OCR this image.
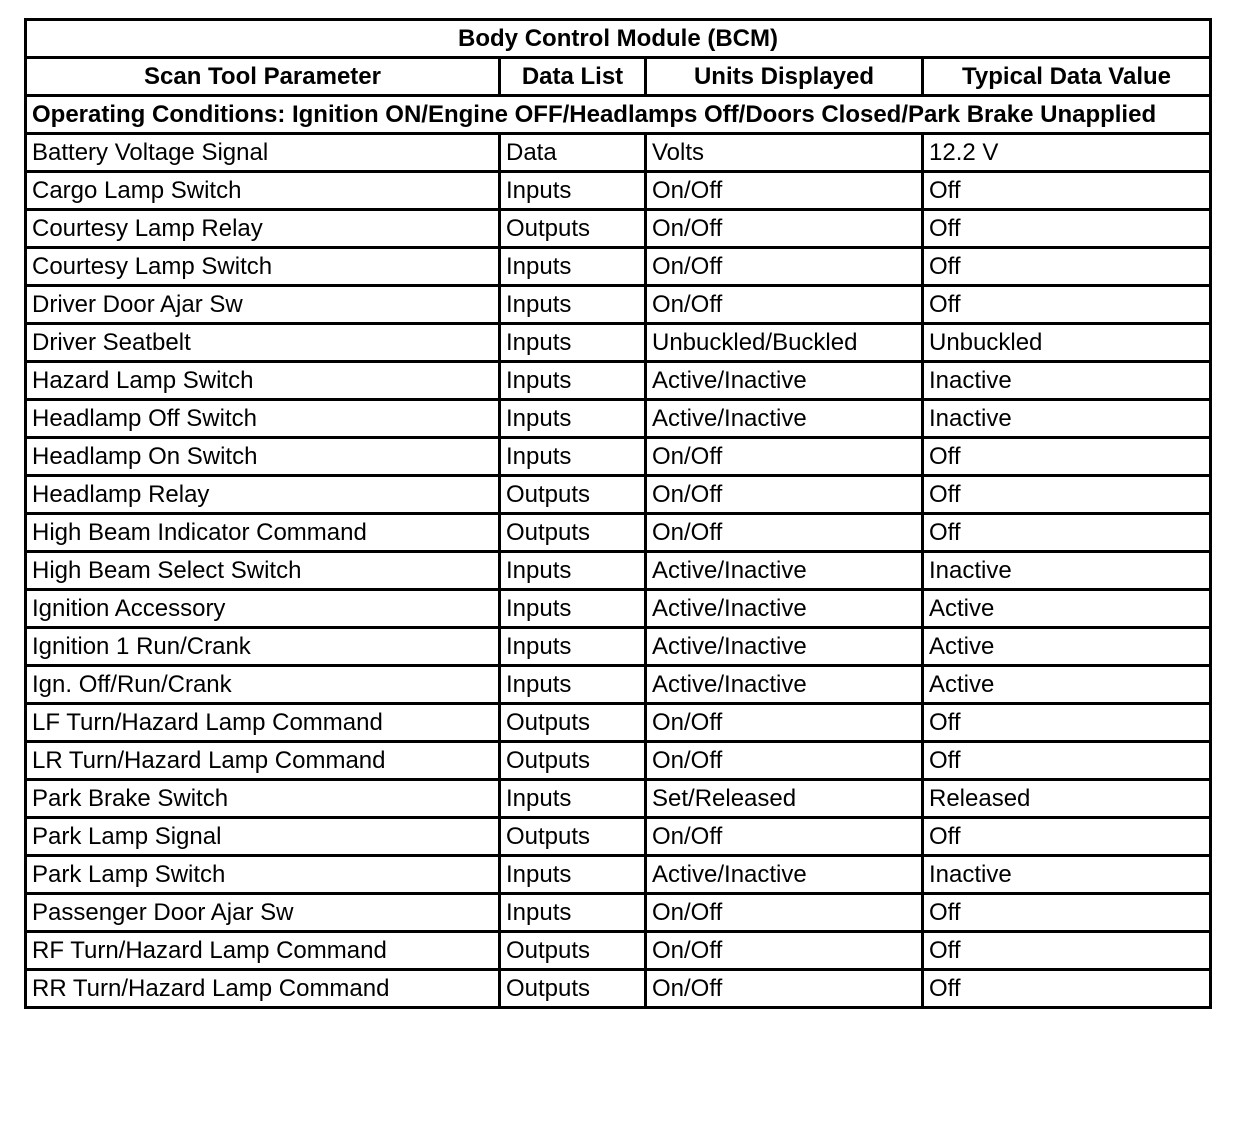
Body Control Module (BCM)			
Scan Tool Parameter	Data List	Units Displayed	Typical Data Value
Operating Conditions: Ignition ON/Engine OFF/Headlamps Off/Doors Closed/Park Brake Unapplied			
Battery Voltage Signal	Data	Volts	12.2 V
Cargo Lamp Switch	Inputs	On/Off	Off
Courtesy Lamp Relay	Outputs	On/Off	Off
Courtesy Lamp Switch	Inputs	On/Off	Off
Driver Door Ajar Sw	Inputs	On/Off	Off
Driver Seatbelt	Inputs	Unbuckled/Buckled	Unbuckled
Hazard Lamp Switch	Inputs	Active/Inactive	Inactive
Headlamp Off Switch	Inputs	Active/Inactive	Inactive
Headlamp On Switch	Inputs	On/Off	Off
Headlamp Relay	Outputs	On/Off	Off
High Beam Indicator Command	Outputs	On/Off	Off
High Beam Select Switch	Inputs	Active/Inactive	Inactive
Ignition Accessory	Inputs	Active/Inactive	Active
Ignition 1 Run/Crank	Inputs	Active/Inactive	Active
Ign. Off/Run/Crank	Inputs	Active/Inactive	Active
LF Turn/Hazard Lamp Command	Outputs	On/Off	Off
LR Turn/Hazard Lamp Command	Outputs	On/Off	Off
Park Brake Switch	Inputs	Set/Released	Released
Park Lamp Signal	Outputs	On/Off	Off
Park Lamp Switch	Inputs	Active/Inactive	Inactive
Passenger Door Ajar Sw	Inputs	On/Off	Off
RF Turn/Hazard Lamp Command	Outputs	On/Off	Off
RR Turn/Hazard Lamp Command	Outputs	On/Off	Off
